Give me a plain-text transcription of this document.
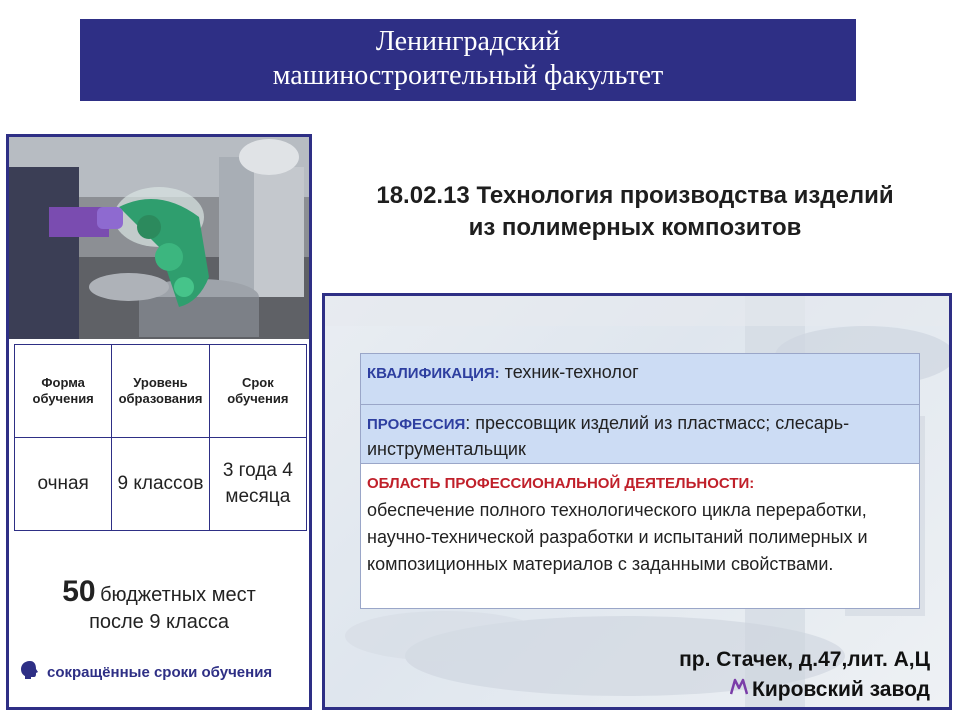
Ленинградский
машиностроительный факультет
Форма обучения	Уровень образования	Срок обучения
очная	9 классов	3 года 4 месяца
50 бюджетных мест
после 9 класса
сокращённые сроки обучения
18.02.13 Технология производства изделий
из полимерных композитов
КВАЛИФИКАЦИЯ: техник-технолог
ПРОФЕССИЯ: прессовщик изделий из пластмасс; слесарь-инструментальщик
ОБЛАСТЬ ПРОФЕССИОНАЛЬНОЙ ДЕЯТЕЛЬНОСТИ:
обеспечение полного технологического цикла переработки, научно-технической разработки и испытаний полимерных и композиционных материалов с заданными свойствами.
пр. Стачек, д.47,лит. А,Ц
Кировский завод
